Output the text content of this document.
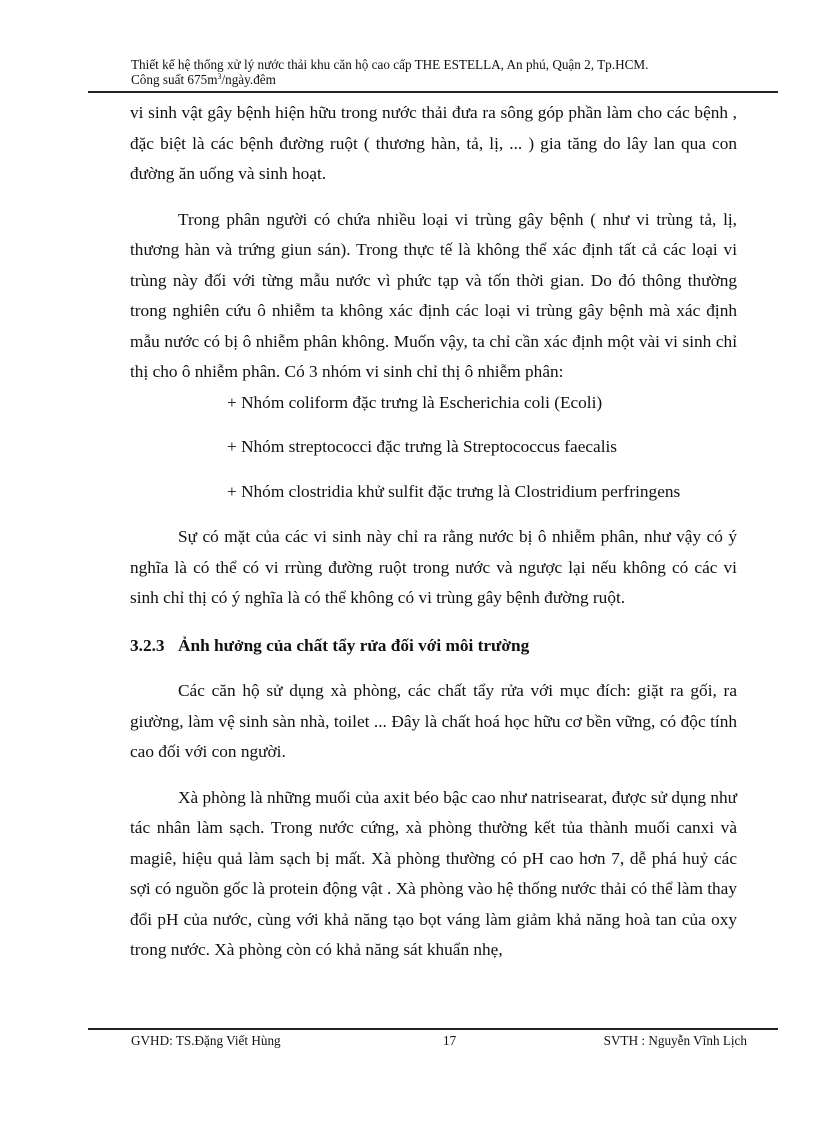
Thiết kế hệ thống xử lý nước thải khu căn hộ cao cấp THE ESTELLA, An phú, Quận 2, Tp.HCM.
Công suất $675m^3/ngày.đêm$

vi sinh vật gây bệnh hiện hữu trong nước thải đưa ra sông góp phần làm cho các bệnh , đặc biệt là các bệnh đường ruột ( thương hàn, tả, lị, ... ) gia tăng do lây lan qua con đường ăn uống và sinh hoạt.

Trong phân người có chứa nhiều loại vi trùng gây bệnh ( như vi trùng tả, lị, thương hàn và trứng giun sán). Trong thực tế là không thể xác định tất cả các loại vi trùng này đối với từng mẫu nước vì phức tạp và tốn thời gian. Do đó thông thường trong nghiên cứu ô nhiễm ta không xác định các loại vi trùng gây bệnh mà xác định mẫu nước có bị ô nhiễm phân không. Muốn vậy, ta chỉ cần xác định một vài vi sinh chỉ thị cho ô nhiễm phân. Có 3 nhóm vi sinh chỉ thị ô nhiễm phân:

+ Nhóm coliform đặc trưng là Escherichia coli (Ecoli)

+ Nhóm streptococci đặc trưng là Streptococcus faecalis

+ Nhóm clostridia khử sulfit đặc trưng là Clostridium perfringens

Sự có mặt của các vi sinh này chỉ ra rằng nước bị ô nhiễm phân, như vậy có ý nghĩa là có thể có vi rrùng đường ruột trong nước và ngược lại nếu không có các vi sinh chỉ thị có ý nghĩa là có thể không có vi trùng gây bệnh đường ruột.

3.2.3 Ảnh hưởng của chất tẩy rửa đối với môi trường

Các căn hộ sử dụng xà phòng, các chất tẩy rửa với mục đích: giặt ra gối, ra giường, làm vệ sinh sàn nhà, toilet ... Đây là chất hoá học hữu cơ bền vững, có độc tính cao đối với con người.

Xà phòng là những muối của axit béo bậc cao như natrisearat, được sử dụng như tác nhân làm sạch. Trong nước cứng, xà phòng thường kết tủa thành muối canxi và magiê, hiệu quả làm sạch bị mất. Xà phòng thường có pH cao hơn 7, dễ phá huỷ các sợi có nguồn gốc là protein động vật . Xà phòng vào hệ thống nước thải có thể làm thay đổi pH của nước, cùng với khả năng tạo bọt váng làm giảm khả năng hoà tan của oxy trong nước. Xà phòng còn có khả năng sát khuẩn nhẹ,

GVHD: TS.Đặng Viết Hùng	17	SVTH : Nguyễn Vĩnh Lịch
